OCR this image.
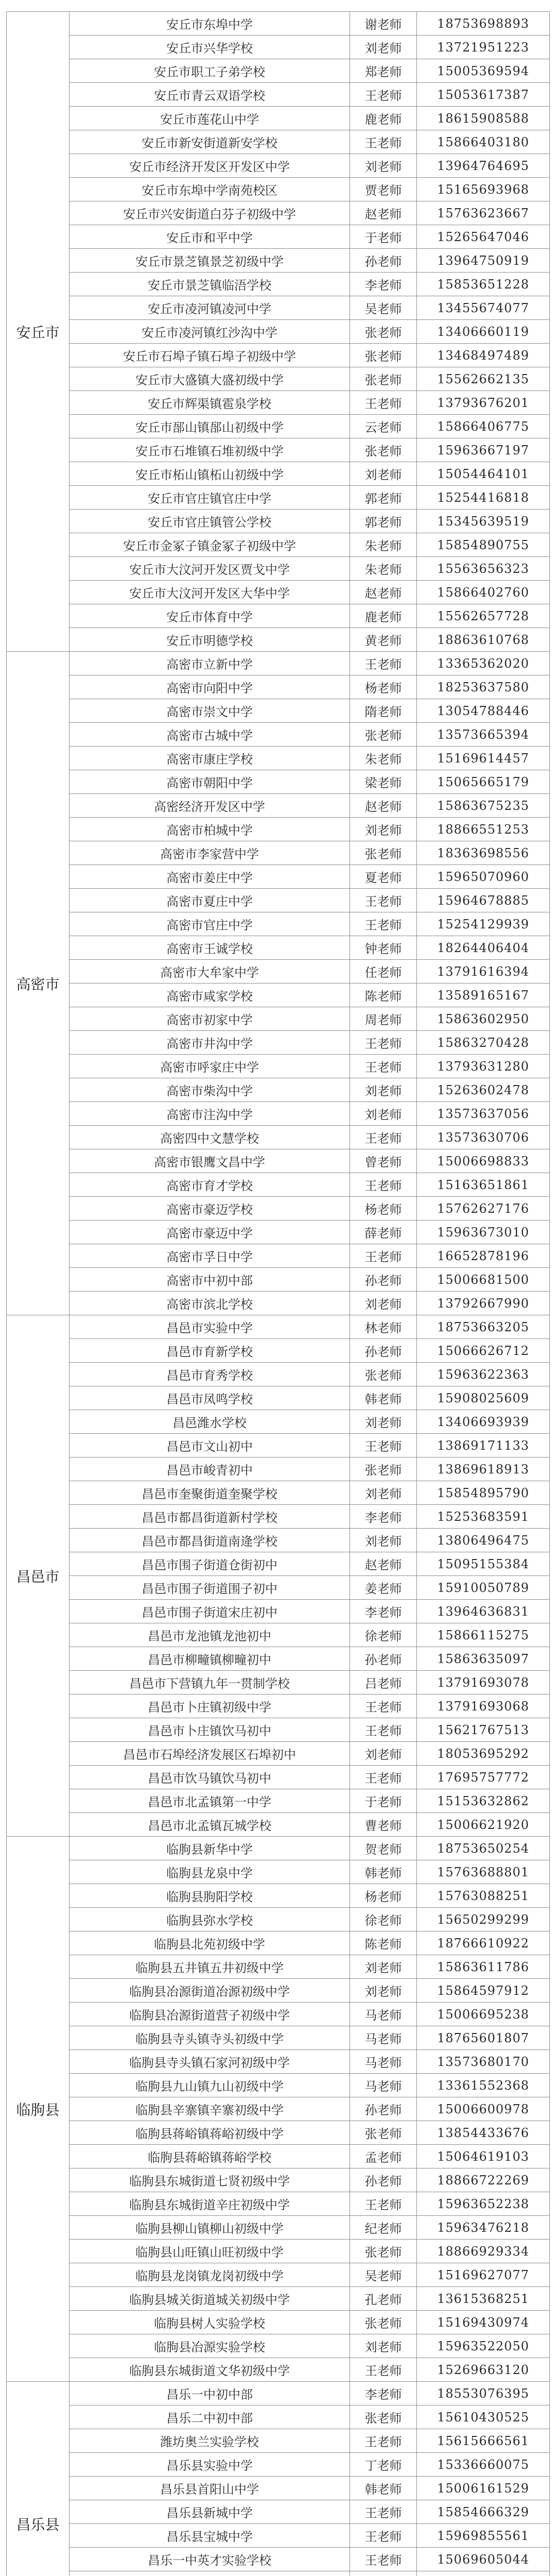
安丘市
安丘市东埠中学	谢老师	18753698893
安丘市兴华学校	刘老师	13721951223
安丘市职工子弟学校	郑老师	15005369594
安丘市青云双语学校	王老师	15053617387
安丘市莲花山中学	鹿老师	18615908588
安丘市新安街道新安学校	王老师	15866403180
安丘市经济开发区开发区中学	刘老师	13964764695
安丘市东埠中学南苑校区	贾老师	15165693968
安丘市兴安街道白芬子初级中学	赵老师	15763623667
安丘市和平中学	于老师	15265647046
安丘市景芝镇景芝初级中学	孙老师	13964750919
安丘市景芝镇临浯学校	李老师	15853651228
安丘市凌河镇凌河中学	吴老师	13455674077
安丘市凌河镇红沙沟中学	张老师	13406660119
安丘市石埠子镇石埠子初级中学	张老师	13468497489
安丘市大盛镇大盛初级中学	张老师	15562662135
安丘市辉渠镇雹泉学校	王老师	13793676201
安丘市郚山镇郚山初级中学	云老师	15866406775
安丘市石堆镇石堆初级中学	张老师	15963667197
安丘市柘山镇柘山初级中学	刘老师	15054464101
安丘市官庄镇官庄中学	郭老师	15254416818
安丘市官庄镇管公学校	郭老师	15345639519
安丘市金冢子镇金冢子初级中学	朱老师	15854890755
安丘市大汶河开发区贾戈中学	朱老师	15563656323
安丘市大汶河开发区大华中学	赵老师	15866402760
安丘市体育中学	鹿老师	15562657728
安丘市明德学校	黄老师	18863610768
高密市
高密市立新中学	王老师	13365362020
高密市向阳中学	杨老师	18253637580
高密市崇文中学	隋老师	13054788446
高密市古城中学	张老师	13573665394
高密市康庄学校	朱老师	15169614457
高密市朝阳中学	梁老师	15065665179
高密经济开发区中学	赵老师	15863675235
高密市柏城中学	刘老师	18866551253
高密市李家营中学	张老师	18363698556
高密市姜庄中学	夏老师	15965070960
高密市夏庄中学	王老师	15964678885
高密市官庄中学	王老师	15254129939
高密市王诚学校	钟老师	18264406404
高密市大牟家中学	任老师	13791616394
高密市咸家学校	陈老师	13589165167
高密市初家中学	周老师	15863602950
高密市井沟中学	王老师	15863270428
高密市呼家庄中学	王老师	13793631280
高密市柴沟中学	刘老师	15263602478
高密市注沟中学	刘老师	13573637056
高密四中文慧学校	王老师	13573630706
高密市银鹰文昌中学	曾老师	15006698833
高密市育才学校	王老师	15163651861
高密市豪迈学校	杨老师	15762627176
高密市豪迈中学	薛老师	15963673010
高密市孚日中学	王老师	16652878196
高密市中初中部	孙老师	15006681500
高密市滨北学校	刘老师	13792667990
昌邑市
昌邑市实验中学	林老师	18753663205
昌邑市育新学校	孙老师	15066626712
昌邑市育秀学校	张老师	15963622363
昌邑市凤鸣学校	韩老师	15908025609
昌邑潍水学校	刘老师	13406693939
昌邑市文山初中	王老师	13869171133
昌邑市峻青初中	张老师	13869618913
昌邑市奎聚街道奎聚学校	刘老师	15854895790
昌邑市都昌街道新村学校	李老师	15253683591
昌邑市都昌街道南逄学校	刘老师	13806496475
昌邑市围子街道仓街初中	赵老师	15095155384
昌邑市围子街道围子初中	姜老师	15910050789
昌邑市围子街道宋庄初中	李老师	13964636831
昌邑市龙池镇龙池初中	徐老师	15866115275
昌邑市柳疃镇柳疃初中	孙老师	15863635097
昌邑市下营镇九年一贯制学校	吕老师	13791693078
昌邑市卜庄镇初级中学	王老师	13791693068
昌邑市卜庄镇饮马初中	王老师	15621767513
昌邑市石埠经济发展区石埠初中	刘老师	18053695292
昌邑市饮马镇饮马初中	王老师	17695757772
昌邑市北孟镇第一中学	于老师	15153632862
昌邑市北孟镇瓦城学校	曹老师	15006621920
临朐县
临朐县新华中学	贺老师	18753650254
临朐县龙泉中学	韩老师	15763688801
临朐县朐阳学校	杨老师	15763088251
临朐县弥水学校	徐老师	15650299299
临朐县北苑初级中学	陈老师	18766610922
临朐县五井镇五井初级中学	刘老师	15863611786
临朐县冶源街道冶源初级中学	刘老师	15864597912
临朐县冶源街道营子初级中学	马老师	15006695238
临朐县寺头镇寺头初级中学	马老师	18765601807
临朐县寺头镇石家河初级中学	马老师	13573680170
临朐县九山镇九山初级中学	马老师	13361552368
临朐县辛寨镇辛寨初级中学	孙老师	15006600978
临朐县蒋峪镇蒋峪初级中学	张老师	13854433676
临朐县蒋峪镇蒋峪学校	孟老师	15064619103
临朐县东城街道七贤初级中学	孙老师	18866722269
临朐县东城街道辛庄初级中学	王老师	15963652238
临朐县柳山镇柳山初级中学	纪老师	15963476218
临朐县山旺镇山旺初级中学	张老师	18866929334
临朐县龙岗镇龙岗初级中学	吴老师	15169627077
临朐县城关街道城关初级中学	孔老师	13615368251
临朐县树人实验学校	张老师	15169430974
临朐县冶源实验学校	刘老师	15963522050
临朐县东城街道文华初级中学	王老师	15269663120
昌乐县
昌乐一中初中部	李老师	18553076395
昌乐二中初中部	张老师	15610430525
潍坊奥兰实验学校	王老师	15615666561
昌乐县实验中学	丁老师	15336660075
昌乐县首阳山中学	韩老师	15006161529
昌乐县新城中学	王老师	15854666329
昌乐县宝城中学	王老师	15969855561
昌乐一中英才实验学校	王老师	15069605044
